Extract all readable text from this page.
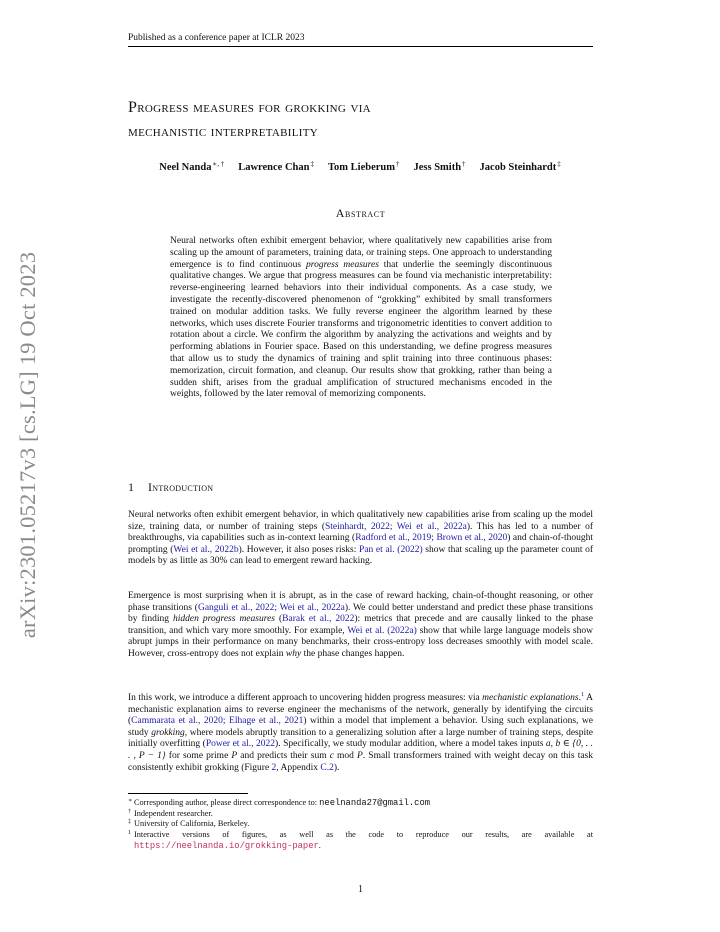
arXiv:2301.05217v3 [cs.LG] 19 Oct 2023
Published as a conference paper at ICLR 2023
Progress measures for grokking via
mechanistic interpretability
Neel Nanda∗, † Lawrence Chan‡ Tom Lieberum† Jess Smith† Jacob Steinhardt‡
Abstract
Neural networks often exhibit emergent behavior, where qualitatively new capabilities arise from scaling up the amount of parameters, training data, or training steps. One approach to understanding emergence is to find continuous progress measures that underlie the seemingly discontinuous qualitative changes. We argue that progress measures can be found via mechanistic interpretability: reverse-engineering learned behaviors into their individual components. As a case study, we investigate the recently-discovered phenomenon of “grokking” exhibited by small transformers trained on modular addition tasks. We fully reverse engineer the algorithm learned by these networks, which uses discrete Fourier transforms and trigonometric identities to convert addition to rotation about a circle. We confirm the algorithm by analyzing the activations and weights and by performing ablations in Fourier space. Based on this understanding, we define progress measures that allow us to study the dynamics of training and split training into three continuous phases: memorization, circuit formation, and cleanup. Our results show that grokking, rather than being a sudden shift, arises from the gradual amplification of structured mechanisms encoded in the weights, followed by the later removal of memorizing components.
1 Introduction
Neural networks often exhibit emergent behavior, in which qualitatively new capabilities arise from scaling up the model size, training data, or number of training steps (Steinhardt, 2022; Wei et al., 2022a). This has led to a number of breakthroughs, via capabilities such as in-context learning (Radford et al., 2019; Brown et al., 2020) and chain-of-thought prompting (Wei et al., 2022b). However, it also poses risks: Pan et al. (2022) show that scaling up the parameter count of models by as little as 30% can lead to emergent reward hacking.
Emergence is most surprising when it is abrupt, as in the case of reward hacking, chain-of-thought reasoning, or other phase transitions (Ganguli et al., 2022; Wei et al., 2022a). We could better understand and predict these phase transitions by finding hidden progress measures (Barak et al., 2022): metrics that precede and are causally linked to the phase transition, and which vary more smoothly. For example, Wei et al. (2022a) show that while large language models show abrupt jumps in their performance on many benchmarks, their cross-entropy loss decreases smoothly with model scale. However, cross-entropy does not explain why the phase changes happen.
In this work, we introduce a different approach to uncovering hidden progress measures: via mechanistic explanations.$^1$ A mechanistic explanation aims to reverse engineer the mechanisms of the network, generally by identifying the circuits (Cammarata et al., 2020; Elhage et al., 2021) within a model that implement a behavior. Using such explanations, we study grokking, where models abruptly transition to a generalizing solution after a large number of training steps, despite initially overfitting (Power et al., 2022). Specifically, we study modular addition, where a model takes inputs a, b ∈ {0, . . . , P − 1} for some prime P and predicts their sum c mod P. Small transformers trained with weight decay on this task consistently exhibit grokking (Figure 2, Appendix C.2).
∗ Corresponding author, please direct correspondence to: neelnanda27@gmail.com
† Independent researcher.
‡ University of California, Berkeley.
1 Interactive versions of figures, as well as the code to reproduce our results, are available at https://neelnanda.io/grokking-paper.
1
